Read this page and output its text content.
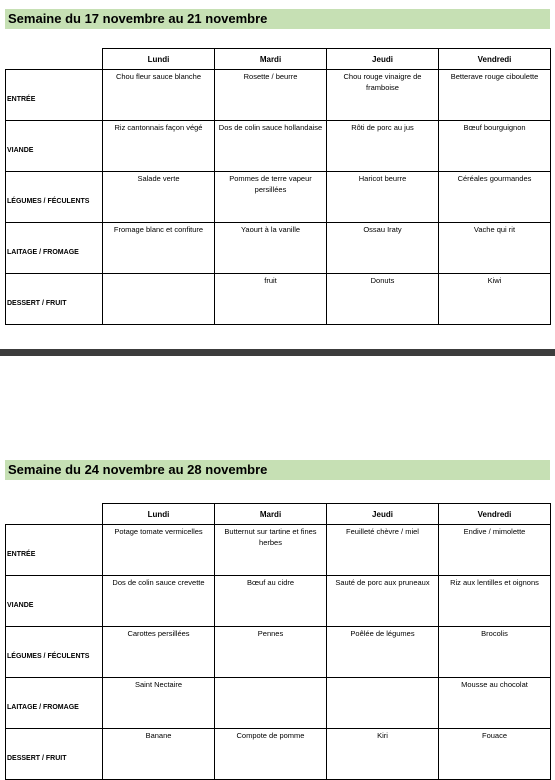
Semaine du 17 novembre au 21 novembre
	Lundi	Mardi	Jeudi	Vendredi
ENTRÉE	Chou fleur sauce blanche	Rosette / beurre	Chou rouge vinaigre de framboise	Betterave rouge ciboulette
VIANDE	Riz cantonnais façon végé	Dos de colin sauce hollandaise	Rôti de porc au jus	Bœuf bourguignon
LÉGUMES / FÉCULENTS	Salade verte	Pommes de terre vapeur persillées	Haricot beurre	Céréales gourmandes
LAITAGE / FROMAGE	Fromage blanc et confiture	Yaourt à la vanille	Ossau Iraty	Vache qui rit
DESSERT / FRUIT		fruit	Donuts	Kiwi
Semaine du 24 novembre au 28 novembre
	Lundi	Mardi	Jeudi	Vendredi
ENTRÉE	Potage tomate vermicelles	Butternut sur tartine et fines herbes	Feuilleté chèvre / miel	Endive / mimolette
VIANDE	Dos de colin sauce crevette	Bœuf au cidre	Sauté de porc aux pruneaux	Riz aux lentilles et oignons
LÉGUMES / FÉCULENTS	Carottes persillées	Pennes	Poêlée de légumes	Brocolis
LAITAGE / FROMAGE	Saint Nectaire			Mousse au chocolat
DESSERT / FRUIT	Banane	Compote de pomme	Kiri	Fouace
